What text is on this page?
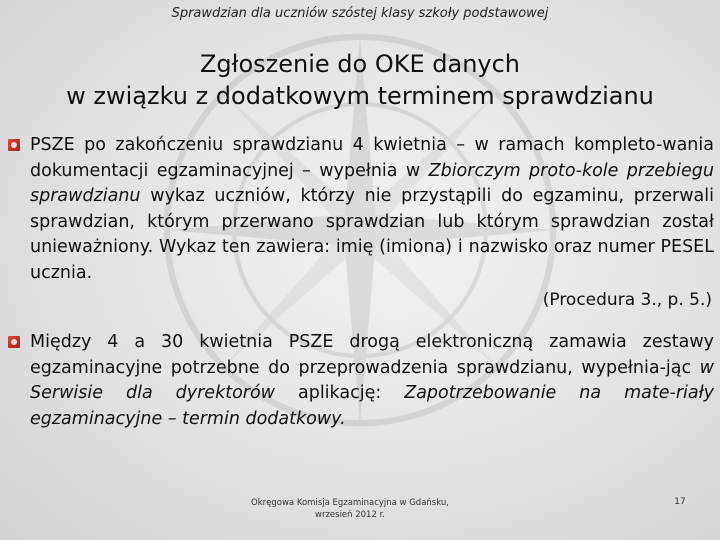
Sprawdzian dla uczniów szóstej klasy szkoły podstawowej
Zgłoszenie do OKE danych
w związku z dodatkowym terminem sprawdzianu
PSZE po zakończeniu sprawdzianu 4 kwietnia – w ramach kompleto-wania dokumentacji egzaminacyjnej – wypełnia w Zbiorczym proto-kole przebiegu sprawdzianu wykaz uczniów, którzy nie przystąpili do egzaminu, przerwali sprawdzian, którym przerwano sprawdzian lub którym sprawdzian został unieważniony. Wykaz ten zawiera: imię (imiona) i nazwisko oraz numer PESEL ucznia.
(Procedura 3., p. 5.)
Między 4 a 30 kwietnia PSZE drogą elektroniczną zamawia zestawy egzaminacyjne potrzebne do przeprowadzenia sprawdzianu, wypełnia-jąc w Serwisie dla dyrektorów aplikację: Zapotrzebowanie na mate-riały egzaminacyjne – termin dodatkowy.
Okręgowa Komisja Egzaminacyjna w Gdańsku,
wrzesień 2012 r.
17
